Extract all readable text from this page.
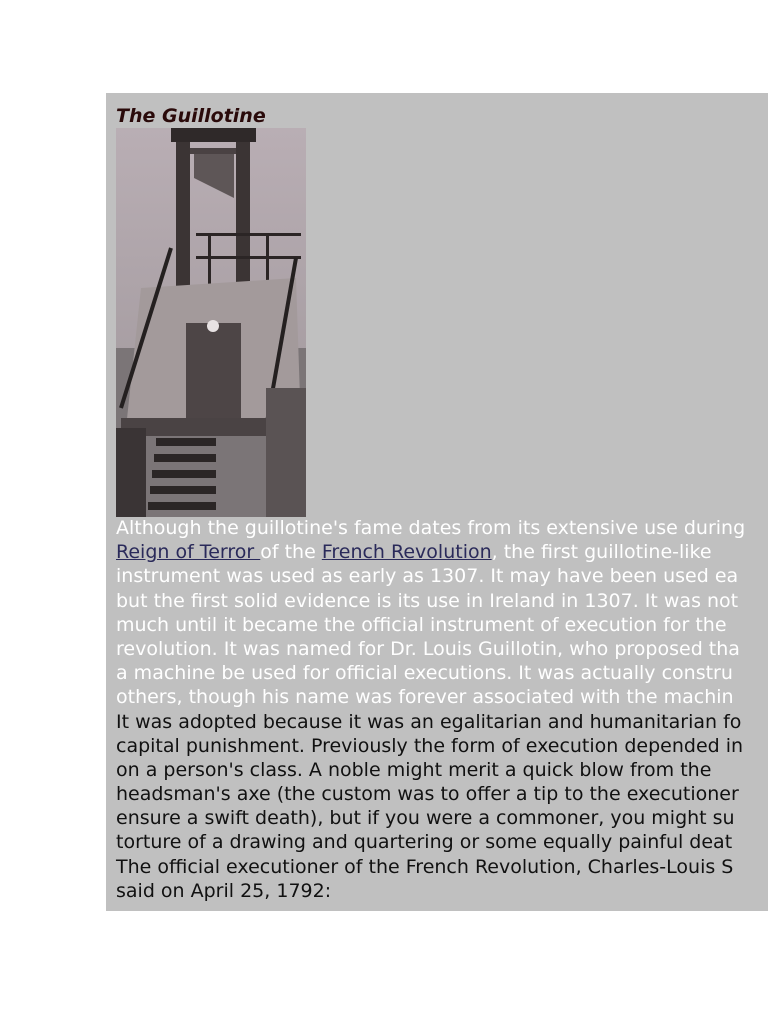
The Guillotine
Although the guillotine's fame dates from its extensive use during
Reign of Terror of the French Revolution, the first guillotine-like
instrument was used as early as 1307. It may have been used ea
but the first solid evidence is its use in Ireland in 1307. It was not
much until it became the official instrument of execution for the
revolution. It was named for Dr. Louis Guillotin, who proposed tha
a machine be used for official executions. It was actually constru
others, though his name was forever associated with the machin
It was adopted because it was an egalitarian and humanitarian fo
capital punishment. Previously the form of execution depended in
on a person's class. A noble might merit a quick blow from the
headsman's axe (the custom was to offer a tip to the executioner
ensure a swift death), but if you were a commoner, you might su
torture of a drawing and quartering or some equally painful deat
The official executioner of the French Revolution, Charles-Louis S
said on April 25, 1792:
